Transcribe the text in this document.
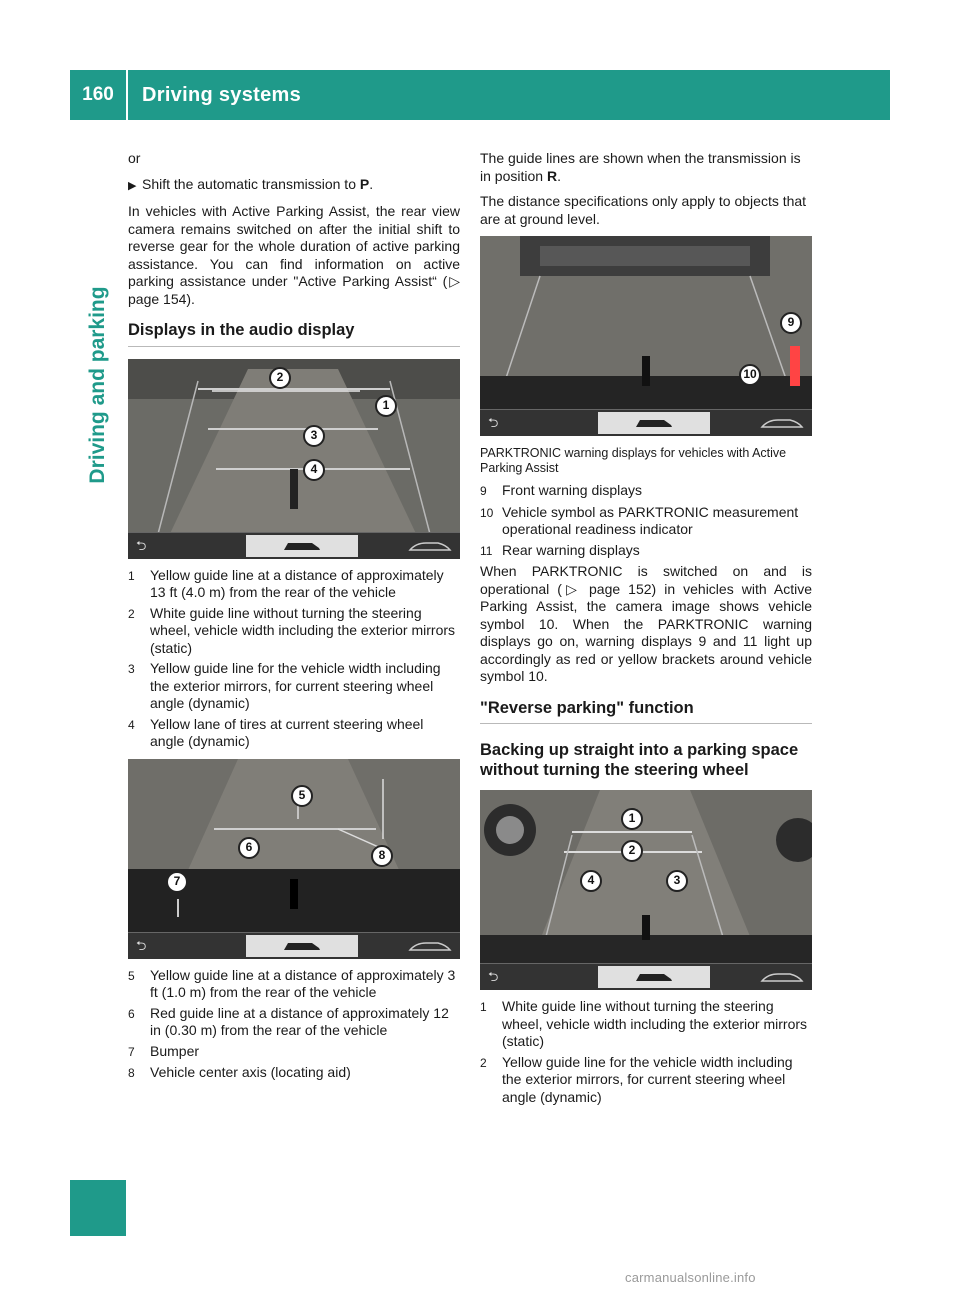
160	Driving systems
Driving and parking

or

▶ Shift the automatic transmission to P.

In vehicles with Active Parking Assist, the rear view camera remains switched on after the initial shift to reverse gear for the whole duration of active parking assistance. You can find information on active parking assistance under "Active Parking Assist“ (▷ page 154).

Displays in the audio display
2
1
3
4
⮌
1	Yellow guide line at a distance of approximately 13 ft (4.0 m) from the rear of the vehicle
2	White guide line without turning the steering wheel, vehicle width including the exterior mirrors (static)
3	Yellow guide line for the vehicle width including the exterior mirrors, for current steering wheel angle (dynamic)
4	Yellow lane of tires at current steering wheel angle (dynamic)
5
6
8
7
⮌
5	Yellow guide line at a distance of approximately 3 ft (1.0 m) from the rear of the vehicle
6	Red guide line at a distance of approximately 12 in (0.30 m) from the rear of the vehicle
7	Bumper
8	Vehicle center axis (locating aid)

The guide lines are shown when the transmission is in position R.

The distance specifications only apply to objects that are at ground level.

9
10
⮌
PARKTRONIC warning displays for vehicles with Active Parking Assist
9	Front warning displays
10 Vehicle symbol as PARKTRONIC measurement operational readiness indicator
11 Rear warning displays

When PARKTRONIC is switched on and is operational (▷ page 152) in vehicles with Active Parking Assist, the camera image shows vehicle symbol 10. When the PARKTRONIC warning displays go on, warning displays 9 and 11 light up accordingly as red or yellow brackets around vehicle symbol 10.

"Reverse parking" function
Backing up straight into a parking space without turning the steering wheel
1
2
4	3
⮌
1	White guide line without turning the steering wheel, vehicle width including the exterior mirrors (static)
2	Yellow guide line for the vehicle width including the exterior mirrors, for current steering wheel angle (dynamic)
carmanualsonline.info
